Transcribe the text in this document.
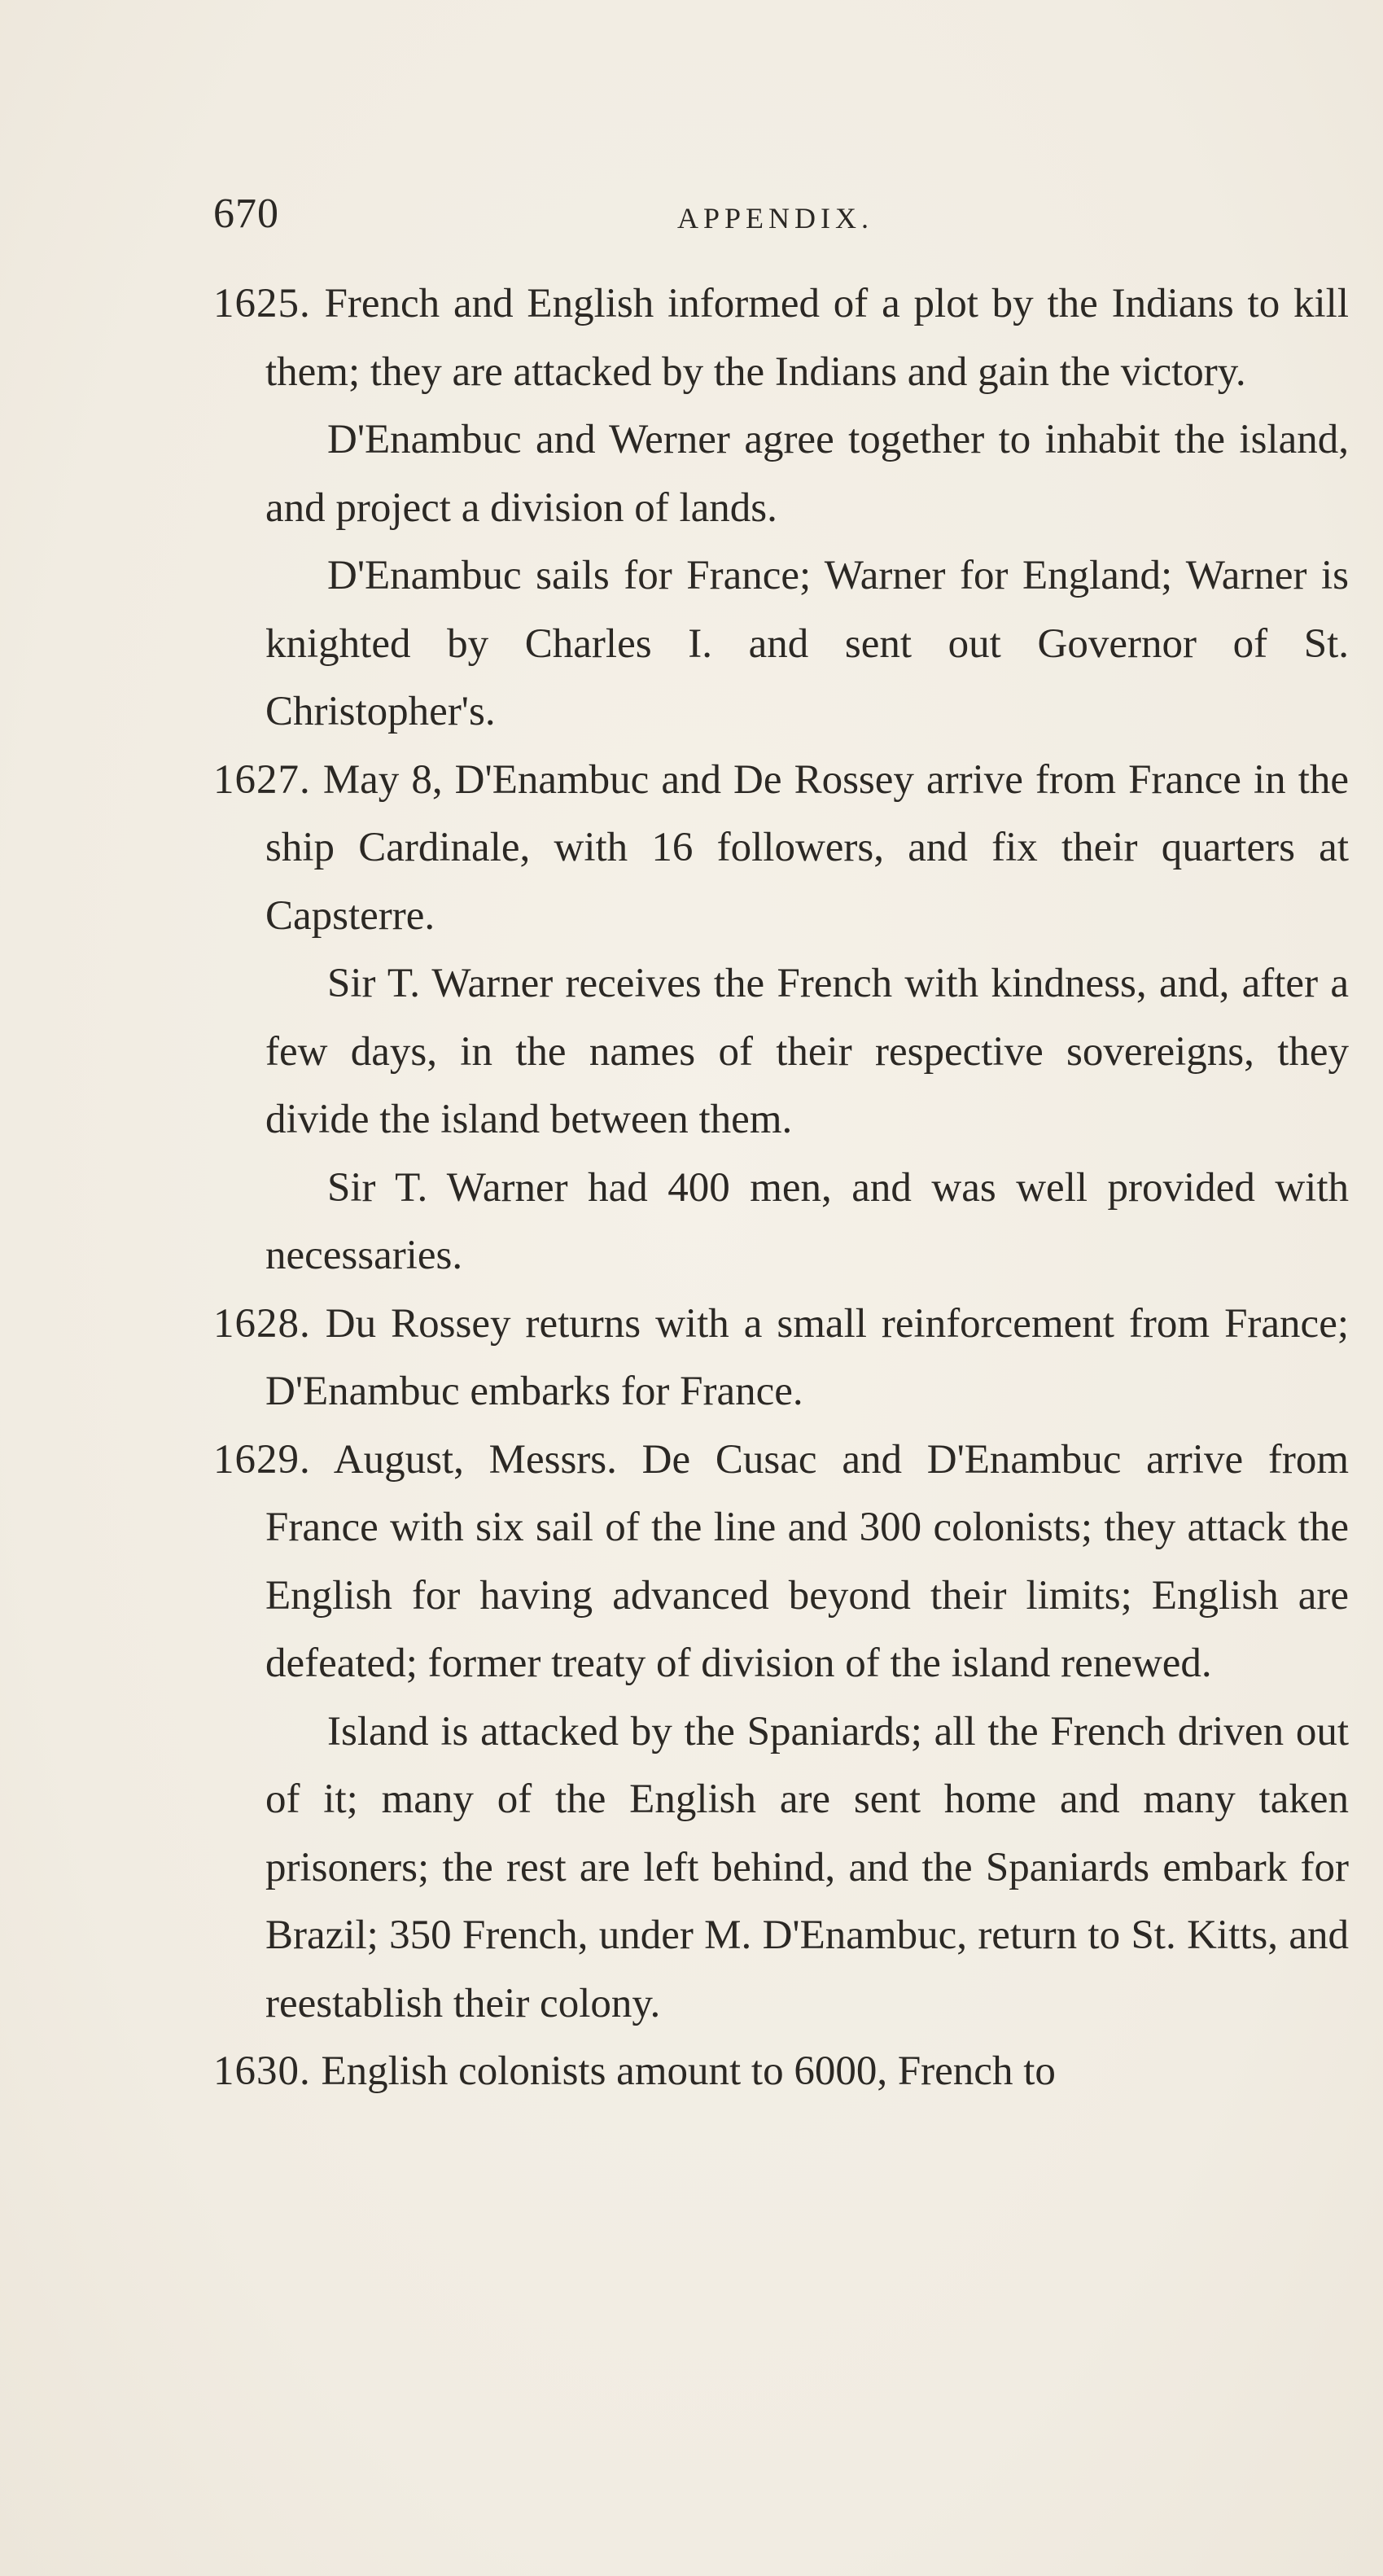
670	APPENDIX.

1625. French and English informed of a plot by the Indians to kill them; they are attacked by the Indians and gain the victory.

D'Enambuc and Werner agree together to inhabit the island, and project a division of lands.

D'Enambuc sails for France; Warner for England; Warner is knighted by Charles I. and sent out Governor of St. Christopher's.

1627. May 8, D'Enambuc and De Rossey arrive from France in the ship Cardinale, with 16 followers, and fix their quarters at Capsterre.

Sir T. Warner receives the French with kindness, and, after a few days, in the names of their respective sovereigns, they divide the island between them.

Sir T. Warner had 400 men, and was well provided with necessaries.

1628. Du Rossey returns with a small reinforcement from France; D'Enambuc embarks for France.

1629. August, Messrs. De Cusac and D'Enambuc arrive from France with six sail of the line and 300 colonists; they attack the English for having advanced beyond their limits; English are defeated; former treaty of division of the island renewed.

Island is attacked by the Spaniards; all the French driven out of it; many of the English are sent home and many taken prisoners; the rest are left behind, and the Spaniards embark for Brazil; 350 French, under M. D'Enambuc, return to St. Kitts, and reestablish their colony.

1630. English colonists amount to 6000, French to
